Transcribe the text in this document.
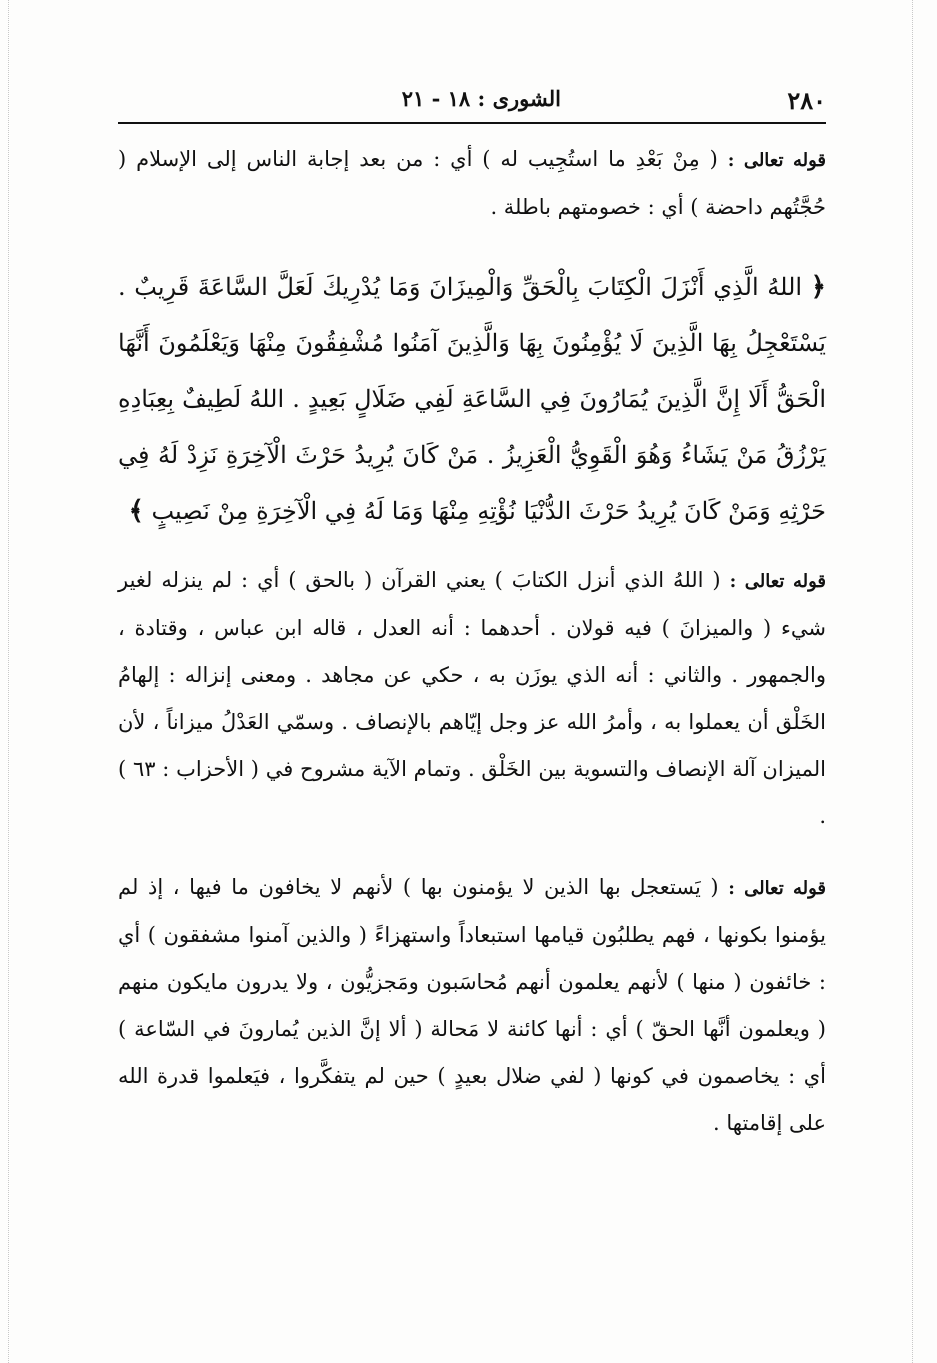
٢٨٠
الشورى : ١٨ - ٢١

قوله تعالى : ( مِنْ بَعْدِ ما استُجِيب له ) أي : من بعد إجابة الناس إلى الإسلام ( حُجَّتُهم داحضة ) أي : خصومتهم باطلة .

﴿ اللهُ الَّذِي أَنْزَلَ الْكِتَابَ بِالْحَقِّ وَالْمِيزَانَ وَمَا يُدْرِيكَ لَعَلَّ السَّاعَةَ قَرِيبٌ . يَسْتَعْجِلُ بِهَا الَّذِينَ لَا يُؤْمِنُونَ بِهَا وَالَّذِينَ آمَنُوا مُشْفِقُونَ مِنْهَا وَيَعْلَمُونَ أَنَّهَا الْحَقُّ أَلَا إِنَّ الَّذِينَ يُمَارُونَ فِي السَّاعَةِ لَفِي ضَلَالٍ بَعِيدٍ . اللهُ لَطِيفٌ بِعِبَادِهِ يَرْزُقُ مَنْ يَشَاءُ وَهُوَ الْقَوِيُّ الْعَزِيزُ . مَنْ كَانَ يُرِيدُ حَرْثَ الْآخِرَةِ نَزِدْ لَهُ فِي حَرْثِهِ وَمَنْ كَانَ يُرِيدُ حَرْثَ الدُّنْيَا نُؤْتِهِ مِنْهَا وَمَا لَهُ فِي الْآخِرَةِ مِنْ نَصِيبٍ ﴾

قوله تعالى : ( اللهُ الذي أنزل الكتابَ ) يعني القرآن ( بالحق ) أي : لم ينزله لغير شيء ( والميزانَ ) فيه قولان . أحدهما : أنه العدل ، قاله ابن عباس ، وقتادة ، والجمهور . والثاني : أنه الذي يوزَن به ، حكي عن مجاهد . ومعنى إنزاله : إلهامُ الخَلْق أن يعملوا به ، وأمرُ الله عز وجل إيّاهم بالإنصاف . وسمّي العَدْلُ ميزاناً ، لأن الميزان آلة الإنصاف والتسوية بين الخَلْق . وتمام الآية مشروح في ( الأحزاب : ٦٣ ) .

قوله تعالى : ( يَستعجل بها الذين لا يؤمنون بها ) لأنهم لا يخافون ما فيها ، إذ لم يؤمنوا بكونها ، فهم يطلبُون قيامها استبعاداً واستهزاءً ( والذين آمنوا مشفقون ) أي : خائفون ( منها ) لأنهم يعلمون أنهم مُحاسَبون ومَجزيُّون ، ولا يدرون مايكون منهم ( ويعلمون أنَّها الحقّ ) أي : أنها كائنة لا مَحالة ( ألا إنَّ الذين يُمارونَ في السّاعة ) أي : يخاصمون في كونها ( لفي ضلال بعيدٍ ) حين لم يتفكَّروا ، فيَعلموا قدرة الله على إقامتها .
